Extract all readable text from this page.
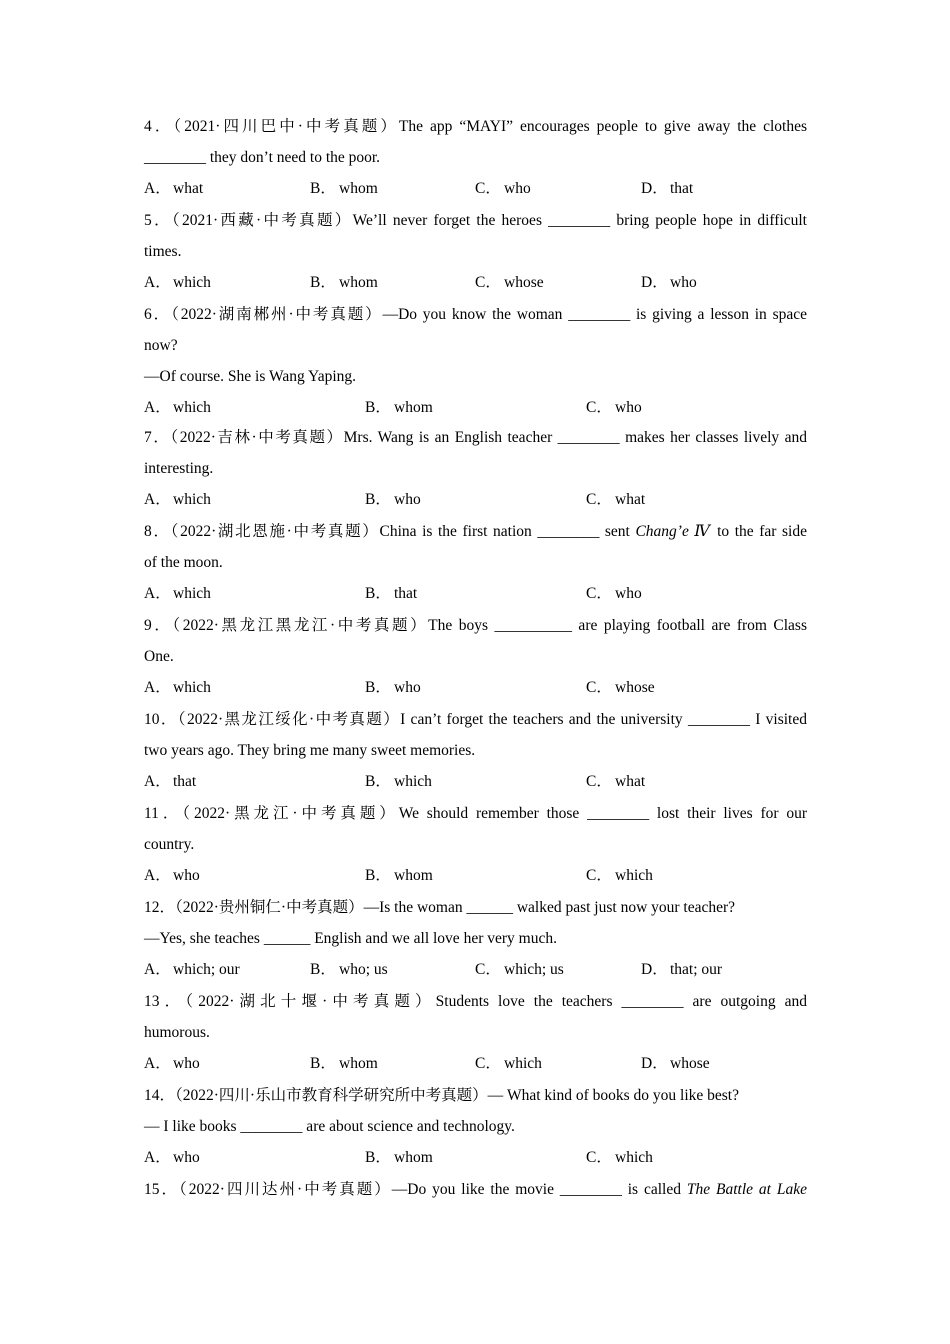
4．（2021·四川巴中·中考真题）The app “MAYI” encourages people to give away the clothes
________ they don’t need to the poor.
A． what	B． whom	C． who	D． that
5．（2021·西藏·中考真题）We’ll never forget the heroes ________ bring people hope in difficult
times.
A． which	B． whom	C． whose	D． who
6．（2022·湖南郴州·中考真题）—Do you know the woman ________ is giving a lesson in space
now?
—Of course. She is Wang Yaping.
A． which	B． whom	C． who
7．（2022·吉林·中考真题）Mrs. Wang is an English teacher ________ makes her classes lively and
interesting.
A． which	B． who	C． what
8．（2022·湖北恩施·中考真题）China is the first nation ________ sent Chang’e Ⅳ to the far side
of the moon.
A． which	B． that	C． who
9．（2022·黑龙江黑龙江·中考真题）The boys __________ are playing football are from Class
One.
A． which	B． who	C． whose
10．（2022·黑龙江绥化·中考真题）I can’t forget the teachers and the university ________ I visited
two years ago. They bring me many sweet memories.
A． that	B． which	C． what
11．（2022·黑龙江·中考真题）We should remember those ________ lost their lives for our
country.
A． who	B． whom	C． which
12．（2022·贵州铜仁·中考真题）—Is the woman ______ walked past just now your teacher?
—Yes, she teaches ______ English and we all love her very much.
A． which; our	B． who; us	C． which; us	D． that; our
13．（2022·湖北十堰·中考真题）Students love the teachers ________ are outgoing and
humorous.
A． who	B． whom	C． which	D． whose
14．（2022·四川·乐山市教育科学研究所中考真题）— What kind of books do you like best?
— I like books ________ are about science and technology.
A． who	B． whom	C． which
15．（2022·四川达州·中考真题）—Do you like the movie ________ is called The Battle at Lake
